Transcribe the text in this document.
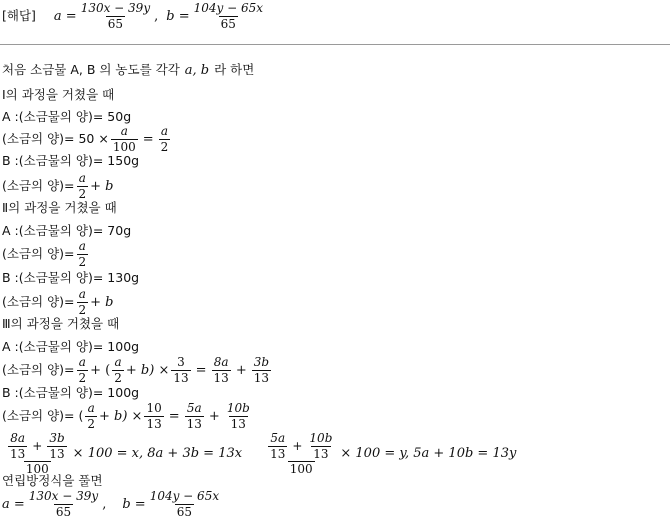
[해답] $a = \frac{130x - 39y}{65}$ , $b = \frac{104y - 65x}{65}$
처음 소금물 A, B 의 농도를 각각 a, b 라 하면
Ⅰ의 과정을 거쳤을 때
A :(소금물의 양)= 50g
(소금의 양)= $50 \times \frac{a}{100} = \frac{a}{2}$
B :(소금물의 양)= 150g
(소금의 양)= $\frac{a}{2} + b$
Ⅱ의 과정을 거쳤을 때
A :(소금물의 양)= 70g
(소금의 양)= $\frac{a}{2}$
B :(소금물의 양)= 130g
(소금의 양)= $\frac{a}{2} + b$
Ⅲ의 과정을 거쳤을 때
A :(소금물의 양)= 100g
(소금의 양)= $\frac{a}{2}$ + ( $\frac{a}{2} + b) \times \frac{3}{13} = \frac{8a}{13} + \frac{3b}{13}$
B :(소금물의 양)= 100g
(소금의 양)= ( $\frac{a}{2} + b) \times \frac{10}{13} = \frac{5a}{13} + \frac{10b}{13}$
$\frac{\frac{8a}{13} + \frac{3b}{13}}{100} \times 100 = x$, $8a + 3b = 13x \frac{\frac{5a}{13} + \frac{10b}{13}}{100} \times 100 = y$, 5a + 10b = 13y
연립방정식을 풀면
$a = \frac{130x - 39y}{65}$ , $b = \frac{104y - 65x}{65}$
